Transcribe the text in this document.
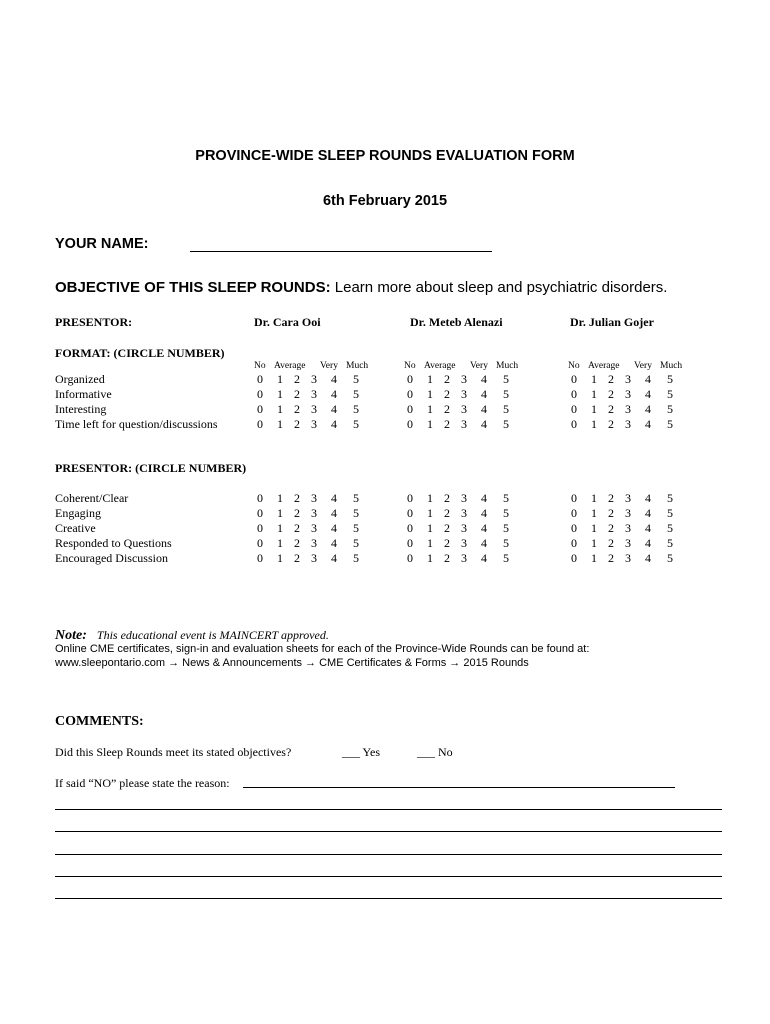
PROVINCE-WIDE SLEEP ROUNDS EVALUATION FORM
6th February 2015
YOUR NAME:
OBJECTIVE OF THIS SLEEP ROUNDS: Learn more about sleep and psychiatric disorders.
PRESENTOR:	Dr. Cara Ooi	Dr. Meteb Alenazi	Dr. Julian Gojer
FORMAT: (CIRCLE NUMBER)
No Average Very Much	No Average Very Much	No Average Very Much
Organized	0 1 2 3 4 5	0 1 2 3 4 5	0 1 2 3 4 5
Informative	0 1 2 3 4 5	0 1 2 3 4 5	0 1 2 3 4 5
Interesting	0 1 2 3 4 5	0 1 2 3 4 5	0 1 2 3 4 5
Time left for question/discussions	0 1 2 3 4 5	0 1 2 3 4 5	0 1 2 3 4 5
PRESENTOR: (CIRCLE NUMBER)
Coherent/Clear	0 1 2 3 4 5	0 1 2 3 4 5	0 1 2 3 4 5
Engaging	0 1 2 3 4 5	0 1 2 3 4 5	0 1 2 3 4 5
Creative	0 1 2 3 4 5	0 1 2 3 4 5	0 1 2 3 4 5
Responded to Questions	0 1 2 3 4 5	0 1 2 3 4 5	0 1 2 3 4 5
Encouraged Discussion	0 1 2 3 4 5	0 1 2 3 4 5	0 1 2 3 4 5
Note: This educational event is MAINCERT approved.
Online CME certificates, sign-in and evaluation sheets for each of the Province-Wide Rounds can be found at:
www.sleepontario.com → News & Announcements → CME Certificates & Forms → 2015 Rounds
COMMENTS:
Did this Sleep Rounds meet its stated objectives?	___ Yes	___ No
If said “NO” please state the reason:
